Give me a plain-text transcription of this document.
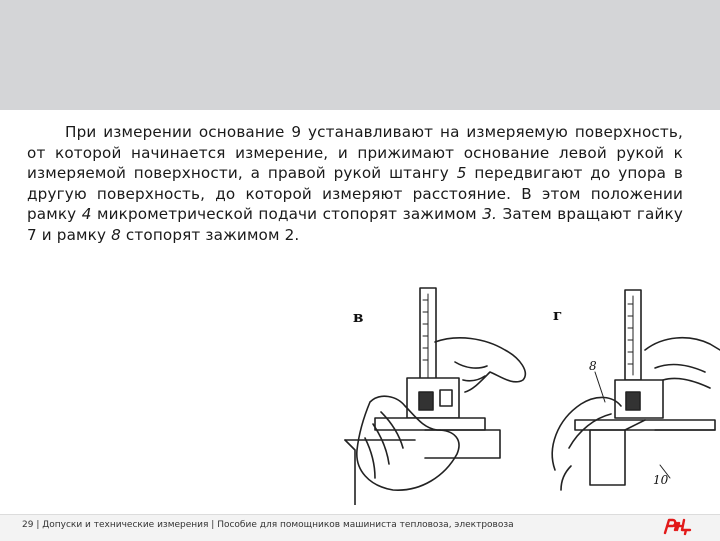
При измерении основание 9 устанавливают на измеряемую поверхность, от которой начинается измерение, и прижимают основание левой рукой к измеряемой поверхности, а правой рукой штангу 5 передвигают до упора в другую поверхность, до которой измеряют расстояние. В этом положении рамку 4 микрометрической подачи стопорят зажимом 3. Затем вращают гайку 7 и рамку 8 стопорят зажимом 2.

в	г
8
10
29 | Допуски и технические измерения | Пособие для помощников машиниста тепловоза, электровоза
